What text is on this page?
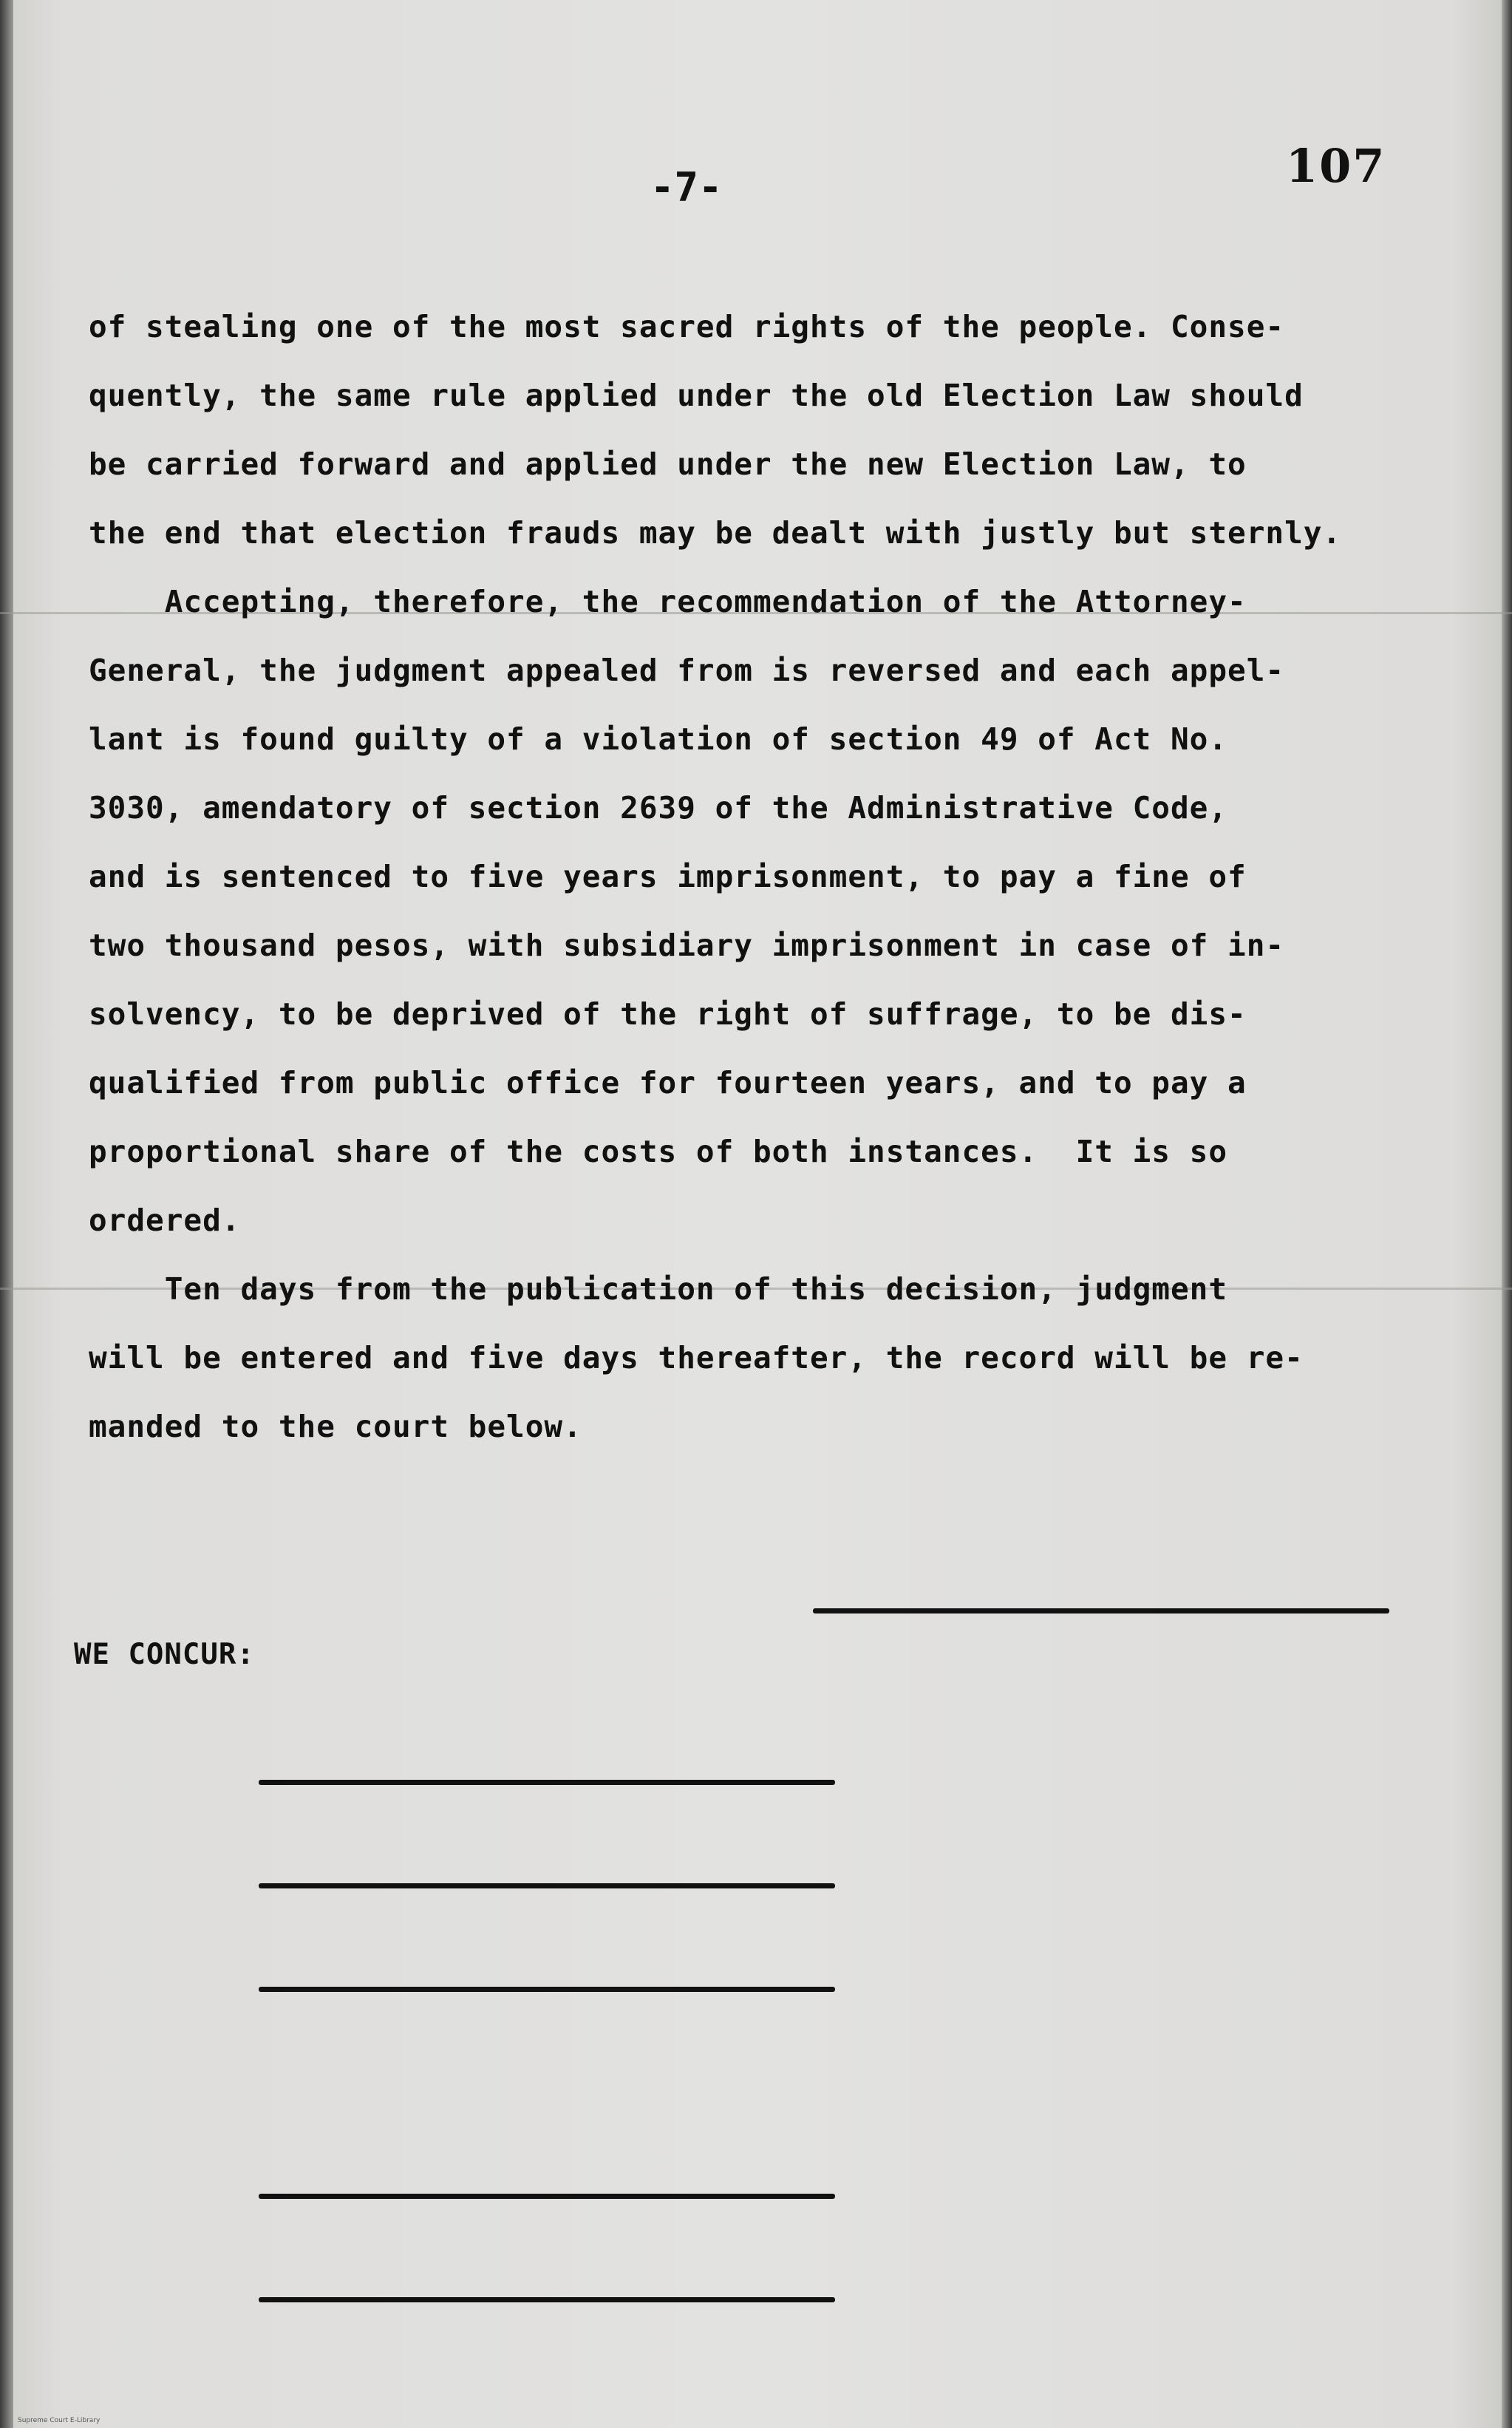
-7-	107
of stealing one of the most sacred rights of the people. Conse-
quently, the same rule applied under the old Election Law should
be carried forward and applied under the new Election Law, to
the end that election frauds may be dealt with justly but sternly.
Accepting, therefore, the recommendation of the Attorney-
General, the judgment appealed from is reversed and each appel-
lant is found guilty of a violation of section 49 of Act No.
3030, amendatory of section 2639 of the Administrative Code,
and is sentenced to five years imprisonment, to pay a fine of
two thousand pesos, with subsidiary imprisonment in case of in-
solvency, to be deprived of the right of suffrage, to be dis-
qualified from public office for fourteen years, and to pay a
proportional share of the costs of both instances.  It is so
ordered.
Ten days from the publication of this decision, judgment
will be entered and five days thereafter, the record will be re-
manded to the court below.
WE CONCUR:
Supreme Court E-Library
